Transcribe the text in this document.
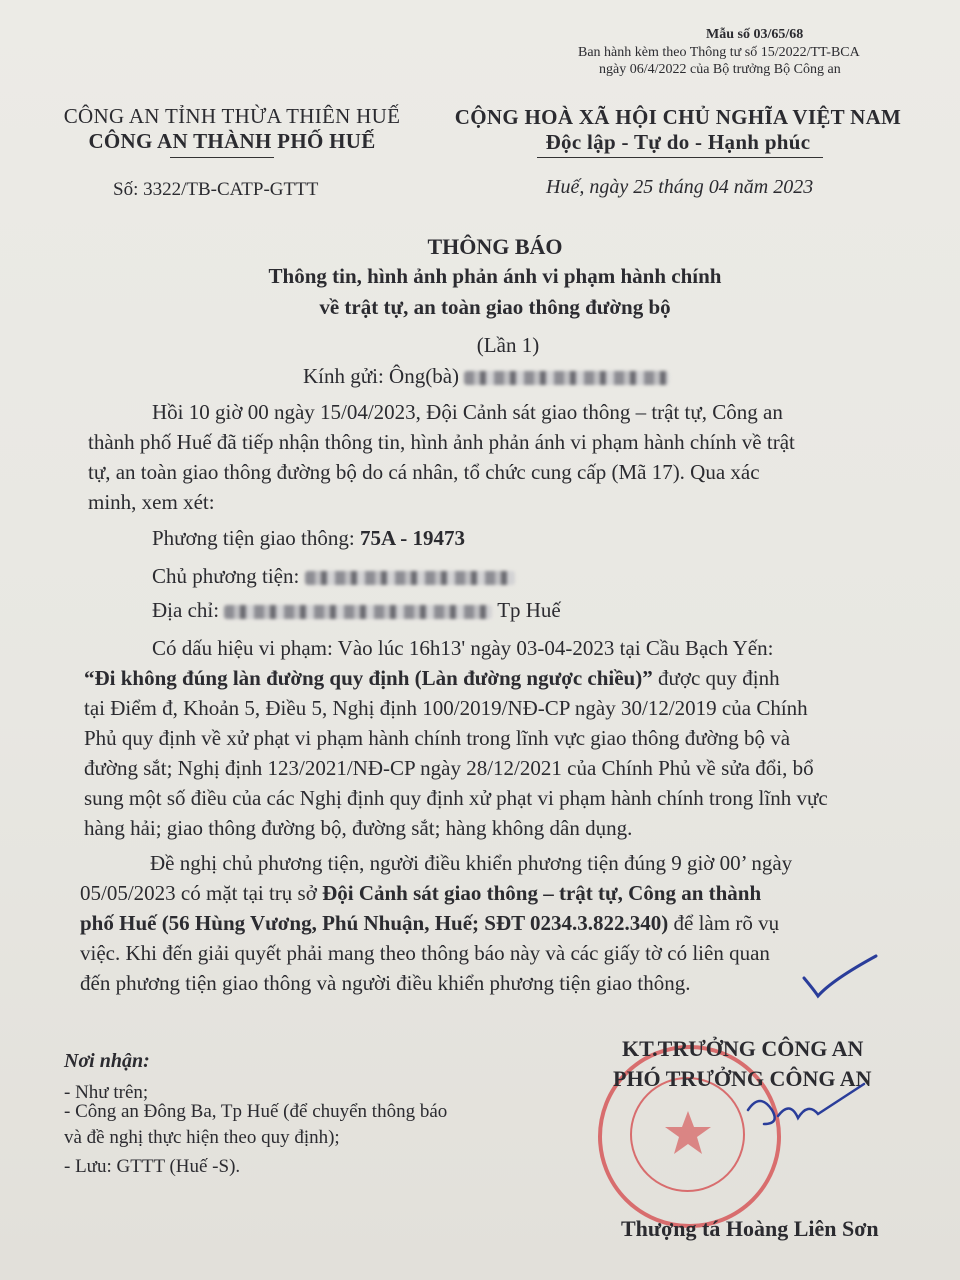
Mẫu số 03/65/68
Ban hành kèm theo Thông tư số 15/2022/TT-BCA
ngày 06/4/2022 của Bộ trưởng Bộ Công an
CÔNG AN TỈNH THỪA THIÊN HUẾ
CÔNG AN THÀNH PHỐ HUẾ
Số: 3322/TB-CATP-GTTT
CỘNG HOÀ XÃ HỘI CHỦ NGHĨA VIỆT NAM
Độc lập - Tự do - Hạnh phúc
Huế, ngày 25 tháng 04 năm 2023
THÔNG BÁO
Thông tin, hình ảnh phản ánh vi phạm hành chính
về trật tự, an toàn giao thông đường bộ
(Lần 1)
Kính gửi: Ông(bà)
Hồi 10 giờ 00 ngày 15/04/2023, Đội Cảnh sát giao thông – trật tự, Công an
thành phố Huế đã tiếp nhận thông tin, hình ảnh phản ánh vi phạm hành chính về trật
tự, an toàn giao thông đường bộ do cá nhân, tổ chức cung cấp (Mã 17). Qua xác
minh, xem xét:
Phương tiện giao thông: 75A - 19473
Chủ phương tiện:
Địa chỉ:	Tp Huế
Có dấu hiệu vi phạm: Vào lúc 16h13' ngày 03-04-2023 tại Cầu Bạch Yến:
“Đi không đúng làn đường quy định (Làn đường ngược chiều)” được quy định
tại Điểm đ, Khoản 5, Điều 5, Nghị định 100/2019/NĐ-CP ngày 30/12/2019 của Chính
Phủ quy định về xử phạt vi phạm hành chính trong lĩnh vực giao thông đường bộ và
đường sắt; Nghị định 123/2021/NĐ-CP ngày 28/12/2021 của Chính Phủ về sửa đổi, bổ
sung một số điều của các Nghị định quy định xử phạt vi phạm hành chính trong lĩnh vực
hàng hải; giao thông đường bộ, đường sắt; hàng không dân dụng.
Đề nghị chủ phương tiện, người điều khiển phương tiện đúng 9 giờ 00’ ngày
05/05/2023 có mặt tại trụ sở Đội Cảnh sát giao thông – trật tự, Công an thành
phố Huế (56 Hùng Vương, Phú Nhuận, Huế; SĐT 0234.3.822.340) để làm rõ vụ
việc. Khi đến giải quyết phải mang theo thông báo này và các giấy tờ có liên quan
đến phương tiện giao thông và người điều khiển phương tiện giao thông.
Nơi nhận:
- Như trên;
- Công an Đông Ba, Tp Huế (để chuyển thông báo
và đề nghị thực hiện theo quy định);
- Lưu: GTTT (Huế -S).
KT.TRƯỞNG CÔNG AN
PHÓ TRƯỞNG CÔNG AN
Thượng tá Hoàng Liên Sơn
